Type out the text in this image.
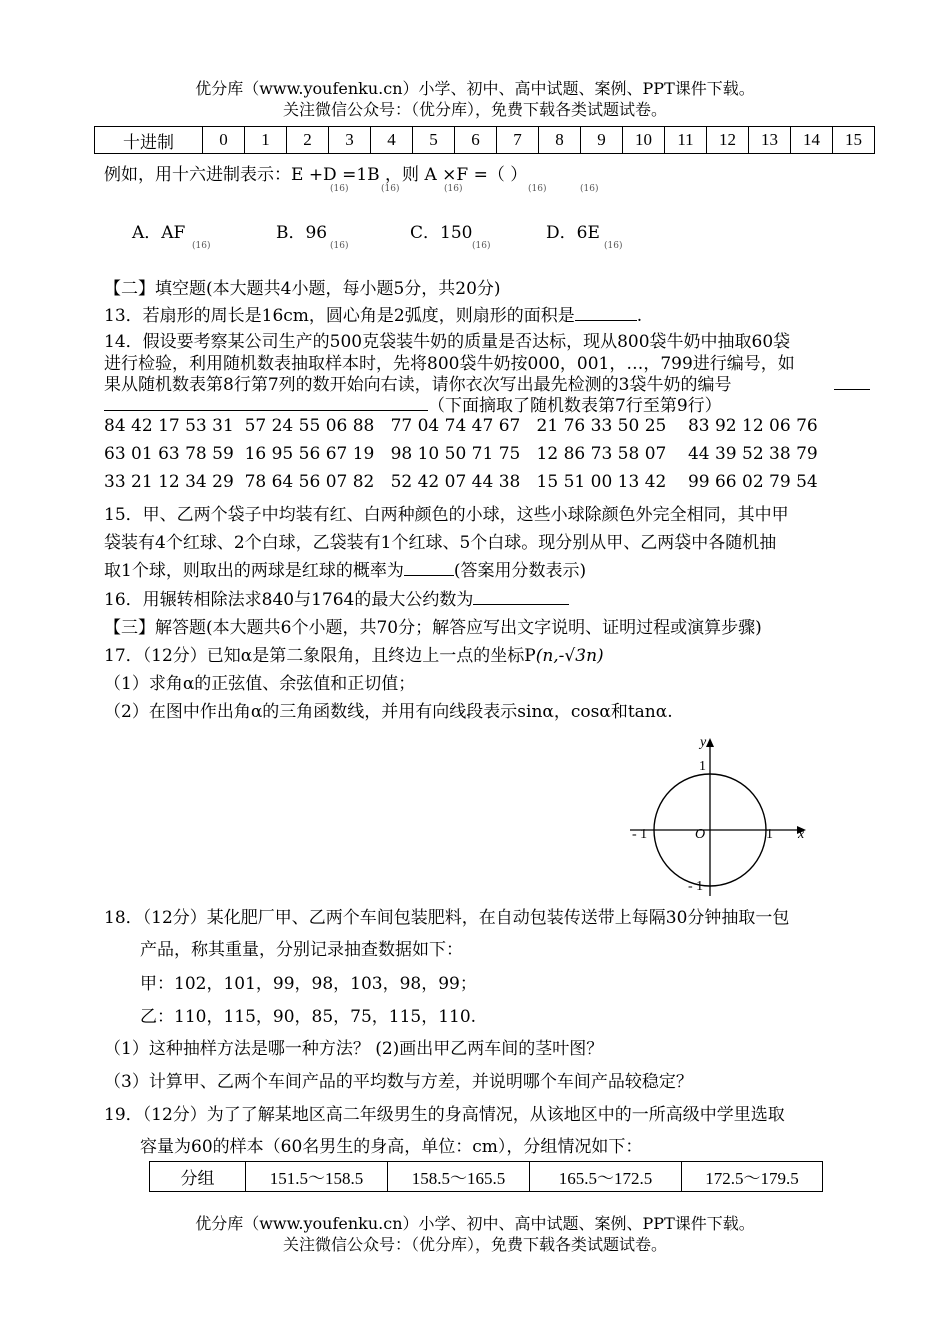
优分库（www.youfenku.cn）小学、初中、高中试题、案例、PPT课件下载。
关注微信公众号：（优分库），免费下载各类试题试卷。
十进制	0	1	2	3	4	5	6	7	8	9	10	11	12	13	14	15
例如，用十六进制表示：E +D =1B ，则 A ×F =（ ）
(16)	(16)	(16)	(16)	(16)
A．AF
(16)
B．96
(16)
C．150
(16)
D．6E
(16)
【二】填空题(本大题共4小题，每小题5分，共20分)
13．若扇形的周长是16cm，圆心角是2弧度，则扇形的面积是	.
14．假设要考察某公司生产的500克袋装牛奶的质量是否达标，现从800袋牛奶中抽取60袋
进行检验，利用随机数表抽取样本时，先将800袋牛奶按000，001，…，799进行编号，如
果从随机数表第8行第7列的数开始向右读，请你衣次写出最先检测的3袋牛奶的编号
（下面摘取了随机数表第7行至第9行）
84 42 17 53 31  57 24 55 06 88   77 04 74 47 67   21 76 33 50 25    83 92 12 06 76
63 01 63 78 59  16 95 56 67 19   98 10 50 71 75   12 86 73 58 07    44 39 52 38 79
33 21 12 34 29  78 64 56 07 82   52 42 07 44 38   15 51 00 13 42    99 66 02 79 54
15．甲、乙两个袋子中均装有红、白两种颜色的小球，这些小球除颜色外完全相同，其中甲
袋装有4个红球、2个白球，乙袋装有1个红球、5个白球。现分别从甲、乙两袋中各随机抽
取1个球，则取出的两球是红球的概率为	(答案用分数表示)
16．用辗转相除法求840与1764的最大公约数为
【三】解答题(本大题共6个小题，共70分；解答应写出文字说明、证明过程或演算步骤)
17．（12分）已知α是第二象限角，且终边上一点的坐标P(n,-√3n)
（1）求角α的正弦值、余弦值和正切值；
（2）在图中作出角α的三角函数线，并用有向线段表示sinα，cosα和tanα.
y
x
O
1
- 1
1
- 1
18．（12分）某化肥厂甲、乙两个车间包装肥料，在自动包装传送带上每隔30分钟抽取一包
产品，称其重量，分别记录抽查数据如下：
甲：102，101，99，98，103，98，99；
乙：110，115，90，85，75，115，110.
（1）这种抽样方法是哪一种方法？ (2)画出甲乙两车间的茎叶图？
（3）计算甲、乙两个车间产品的平均数与方差，并说明哪个车间产品较稳定？
19．（12分）为了了解某地区高二年级男生的身高情况，从该地区中的一所高级中学里选取
容量为60的样本（60名男生的身高，单位：cm），分组情况如下：
分组	151.5～158.5	158.5～165.5	165.5～172.5	172.5～179.5
优分库（www.youfenku.cn）小学、初中、高中试题、案例、PPT课件下载。
关注微信公众号：（优分库），免费下载各类试题试卷。
